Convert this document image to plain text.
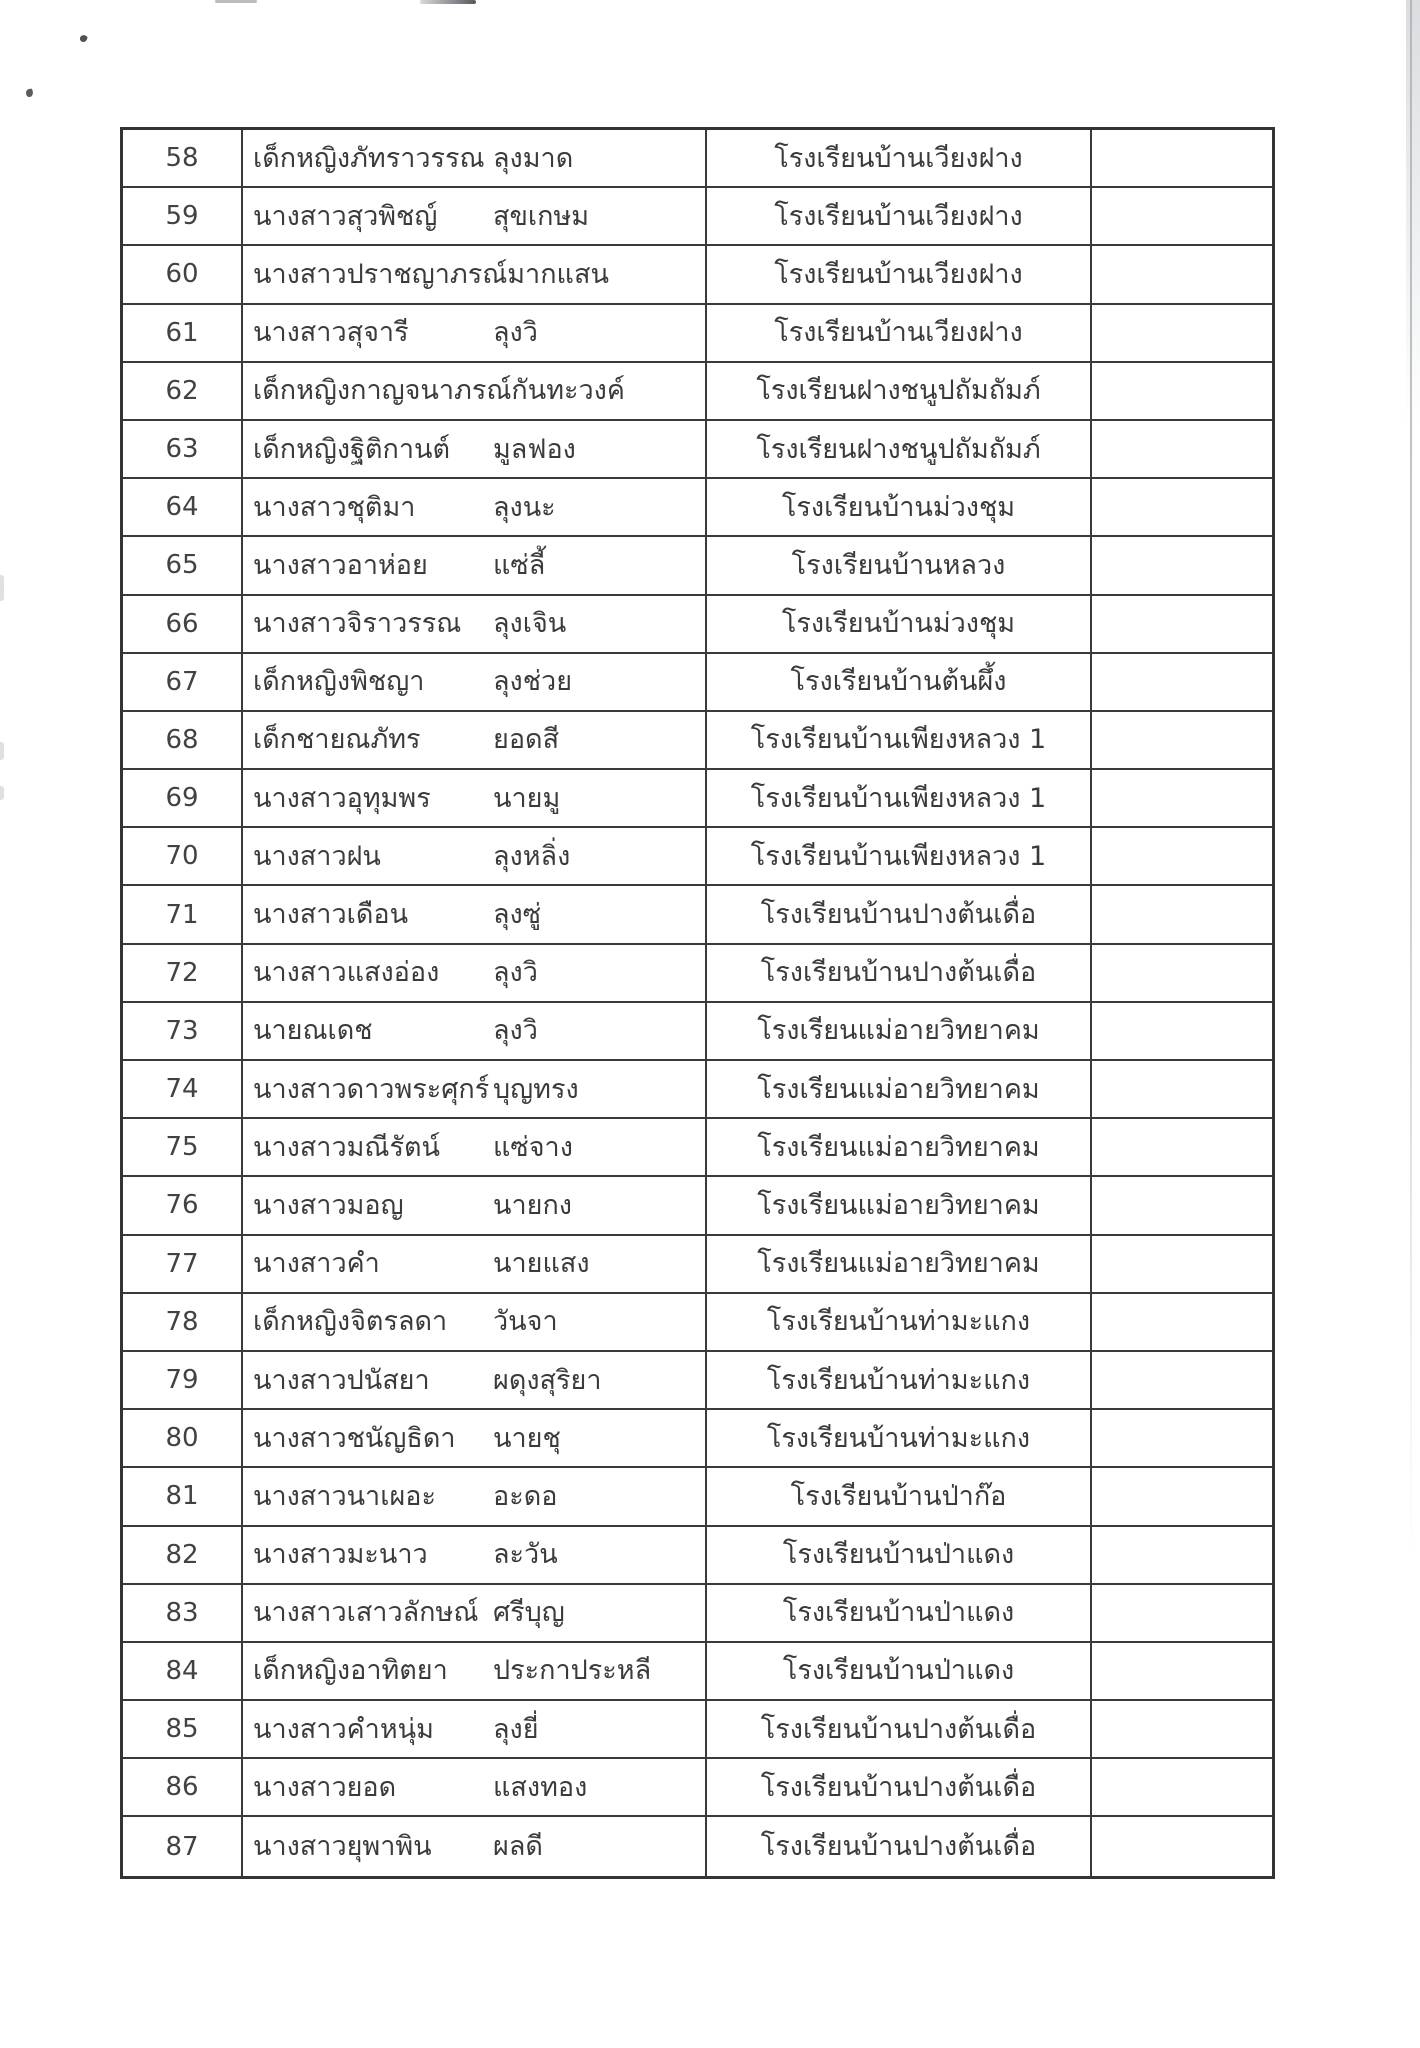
58	เด็กหญิงภัทราวรรณ ลุงมาด	โรงเรียนบ้านเวียงฝาง
59	นางสาวสุวพิชญ์	สุขเกษม	โรงเรียนบ้านเวียงฝาง
60	นางสาวปราชญาภรณ์ มากแสน	โรงเรียนบ้านเวียงฝาง
61	นางสาวสุจารี	ลุงวิ	โรงเรียนบ้านเวียงฝาง
62	เด็กหญิงกาญจนาภรณ์ กันทะวงค์	โรงเรียนฝางชนูปถัมถัมภ์
63	เด็กหญิงฐิติกานต์	มูลฟอง	โรงเรียนฝางชนูปถัมถัมภ์
64	นางสาวชุติมา	ลุงนะ	โรงเรียนบ้านม่วงชุม
65	นางสาวอาห่อย	แซ่ลี้	โรงเรียนบ้านหลวง
66	นางสาวจิราวรรณ	ลุงเจิน	โรงเรียนบ้านม่วงชุม
67	เด็กหญิงพิชญา	ลุงช่วย	โรงเรียนบ้านต้นผึ้ง
68	เด็กชายณภัทร	ยอดสี	โรงเรียนบ้านเพียงหลวง 1
69	นางสาวอุทุมพร	นายมู	โรงเรียนบ้านเพียงหลวง 1
70	นางสาวฝน	ลุงหลิ่ง	โรงเรียนบ้านเพียงหลวง 1
71	นางสาวเดือน	ลุงซู่	โรงเรียนบ้านปางต้นเดื่อ
72	นางสาวแสงอ่อง	ลุงวิ	โรงเรียนบ้านปางต้นเดื่อ
73	นายณเดช	ลุงวิ	โรงเรียนแม่อายวิทยาคม
74	นางสาวดาวพระศุกร์ บุญทรง	โรงเรียนแม่อายวิทยาคม
75	นางสาวมณีรัตน์	แซ่จาง	โรงเรียนแม่อายวิทยาคม
76	นางสาวมอญ	นายกง	โรงเรียนแม่อายวิทยาคม
77	นางสาวคำ	นายแสง	โรงเรียนแม่อายวิทยาคม
78	เด็กหญิงจิตรลดา	วันจา	โรงเรียนบ้านท่ามะแกง
79	นางสาวปนัสยา	ผดุงสุริยา	โรงเรียนบ้านท่ามะแกง
80	นางสาวชนัญธิดา	นายชุ	โรงเรียนบ้านท่ามะแกง
81	นางสาวนาเผอะ	อะดอ	โรงเรียนบ้านป่าก๊อ
82	นางสาวมะนาว	ละวัน	โรงเรียนบ้านป่าแดง
83	นางสาวเสาวลักษณ์ ศรีบุญ	โรงเรียนบ้านป่าแดง
84	เด็กหญิงอาทิตยา	ประกาประหลี	โรงเรียนบ้านป่าแดง
85	นางสาวคำหนุ่ม	ลุงยี่	โรงเรียนบ้านปางต้นเดื่อ
86	นางสาวยอด	แสงทอง	โรงเรียนบ้านปางต้นเดื่อ
87	นางสาวยุพาพิน	ผลดี	โรงเรียนบ้านปางต้นเดื่อ
